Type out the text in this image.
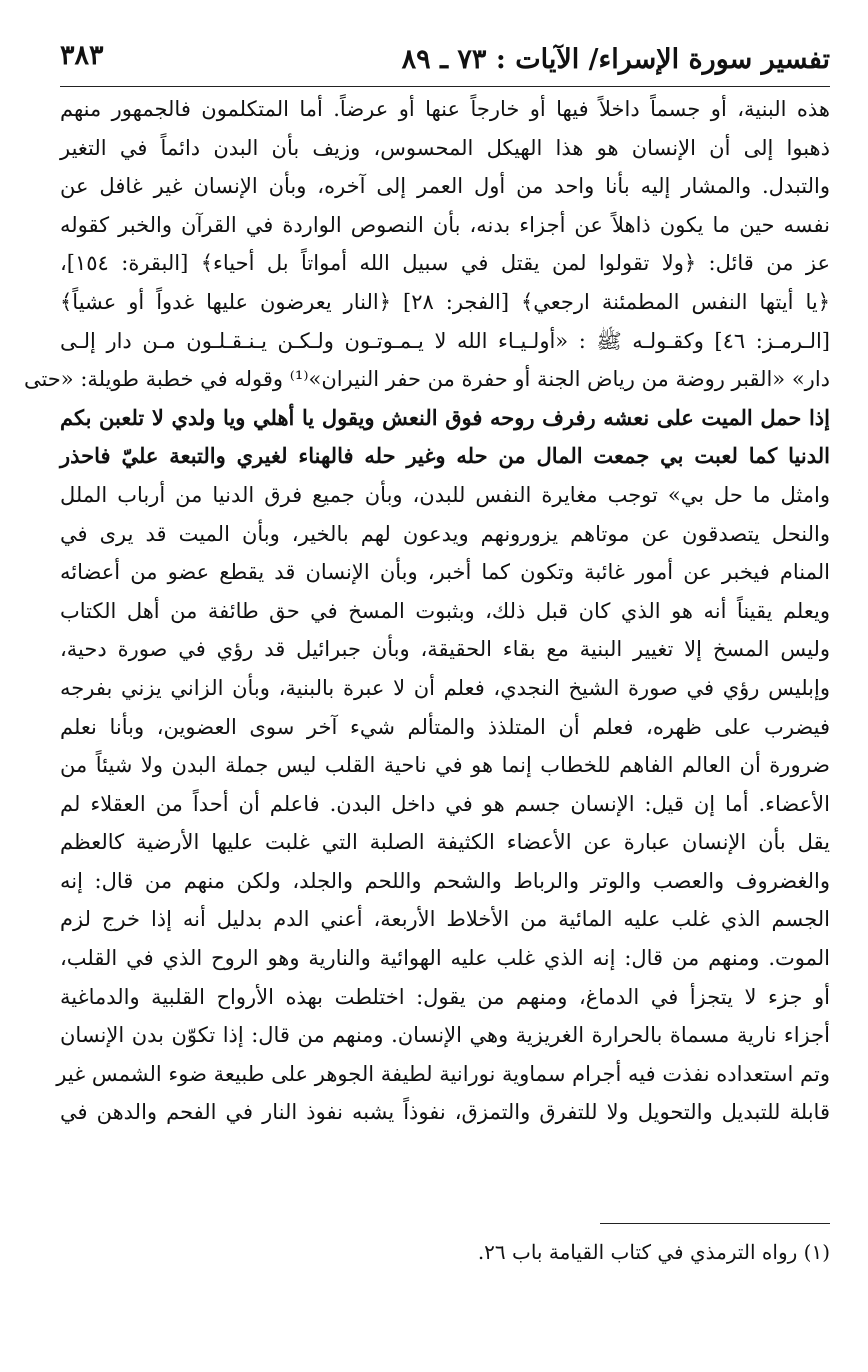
تفسير سورة الإسراء/ الآيات : ٧٣ ـ ٨٩
٣٨٣
هذه البنية، أو جسماً داخلاً فيها أو خارجاً عنها أو عرضاً. أما المتكلمون فالجمهور منهم
ذهبوا إلى أن الإنسان هو هذا الهيكل المحسوس، وزيف بأن البدن دائماً في التغير
والتبدل. والمشار إليه بأنا واحد من أول العمر إلى آخره، وبأن الإنسان غير غافل عن
نفسه حين ما يكون ذاهلاً عن أجزاء بدنه، بأن النصوص الواردة في القرآن والخبر كقوله
عز من قائل: ﴿ولا تقولوا لمن يقتل في سبيل الله أمواتاً بل أحياء﴾ [البقرة: ١٥٤]،
﴿يا أيتها النفس المطمئنة ارجعي﴾ [الفجر: ٢٨] ﴿النار يعرضون عليها غدواً أو عشياً﴾
[الـرمـز: ٤٦] وكقـولـه ﷺ : «أولـيـاء الله لا يـمـوتـون ولـكـن يـنـقـلـون مـن دار إلـى
دار» «القبر روضة من رياض الجنة أو حفرة من حفر النيران»⁽¹⁾ وقوله في خطبة طويلة: «حتى
إذا حمل الميت على نعشه رفرف روحه فوق النعش ويقول يا أهلي ويا ولدي لا تلعبن بكم
الدنيا كما لعبت بي جمعت المال من حله وغير حله فالهناء لغيري والتبعة عليّ فاحذر
وامثل ما حل بي» توجب مغايرة النفس للبدن، وبأن جميع فرق الدنيا من أرباب الملل
والنحل يتصدقون عن موتاهم يزورونهم ويدعون لهم بالخير، وبأن الميت قد يرى في
المنام فيخبر عن أمور غائبة وتكون كما أخبر، وبأن الإنسان قد يقطع عضو من أعضائه
ويعلم يقيناً أنه هو الذي كان قبل ذلك، وبثبوت المسخ في حق طائفة من أهل الكتاب
وليس المسخ إلا تغيير البنية مع بقاء الحقيقة، وبأن جبرائيل قد رؤي في صورة دحية،
وإبليس رؤي في صورة الشيخ النجدي، فعلم أن لا عبرة بالبنية، وبأن الزاني يزني بفرجه
فيضرب على ظهره، فعلم أن المتلذذ والمتألم شيء آخر سوى العضوين، وبأنا نعلم
ضرورة أن العالم الفاهم للخطاب إنما هو في ناحية القلب ليس جملة البدن ولا شيئاً من
الأعضاء. أما إن قيل: الإنسان جسم هو في داخل البدن. فاعلم أن أحداً من العقلاء لم
يقل بأن الإنسان عبارة عن الأعضاء الكثيفة الصلبة التي غلبت عليها الأرضية كالعظم
والغضروف والعصب والوتر والرباط والشحم واللحم والجلد، ولكن منهم من قال: إنه
الجسم الذي غلب عليه المائية من الأخلاط الأربعة، أعني الدم بدليل أنه إذا خرج لزم
الموت. ومنهم من قال: إنه الذي غلب عليه الهوائية والنارية وهو الروح الذي في القلب،
أو جزء لا يتجزأ في الدماغ، ومنهم من يقول: اختلطت بهذه الأرواح القلبية والدماغية
أجزاء نارية مسماة بالحرارة الغريزية وهي الإنسان. ومنهم من قال: إذا تكوّن بدن الإنسان
وتم استعداده نفذت فيه أجرام سماوية نورانية لطيفة الجوهر على طبيعة ضوء الشمس غير
قابلة للتبديل والتحويل ولا للتفرق والتمزق، نفوذاً يشبه نفوذ النار في الفحم والدهن في
(١) رواه الترمذي في كتاب القيامة باب ٢٦.
